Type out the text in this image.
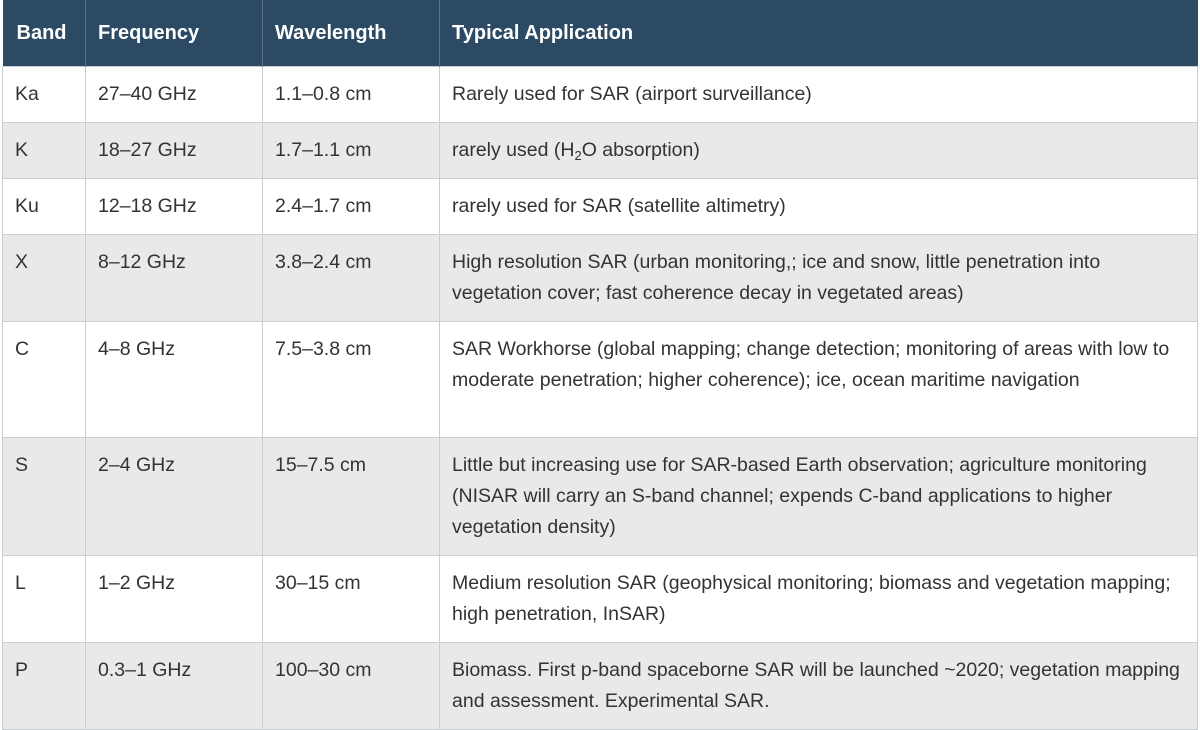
Band	Frequency	Wavelength	Typical Application
Ka	27–40 GHz	1.1–0.8 cm	Rarely used for SAR (airport surveillance)
K	18–27 GHz	1.7–1.1 cm	rarely used ($H_2O$ absorption)
Ku	12–18 GHz	2.4–1.7 cm	rarely used for SAR (satellite altimetry)
X	8–12 GHz	3.8–2.4 cm	High resolution SAR (urban monitoring,; ice and snow, little penetration into vegetation cover; fast coherence decay in vegetated areas)
C	4–8 GHz	7.5–3.8 cm	SAR Workhorse (global mapping; change detection; monitoring of areas with low to moderate penetration; higher coherence); ice, ocean maritime navigation
S	2–4 GHz	15–7.5 cm	Little but increasing use for SAR-based Earth observation; agriculture monitoring (NISAR will carry an S-band channel; expends C-band applications to higher vegetation density)
L	1–2 GHz	30–15 cm	Medium resolution SAR (geophysical monitoring; biomass and vegetation mapping; high penetration, InSAR)
P	0.3–1 GHz	100–30 cm	Biomass. First p-band spaceborne SAR will be launched ~2020; vegetation mapping and assessment. Experimental SAR.
